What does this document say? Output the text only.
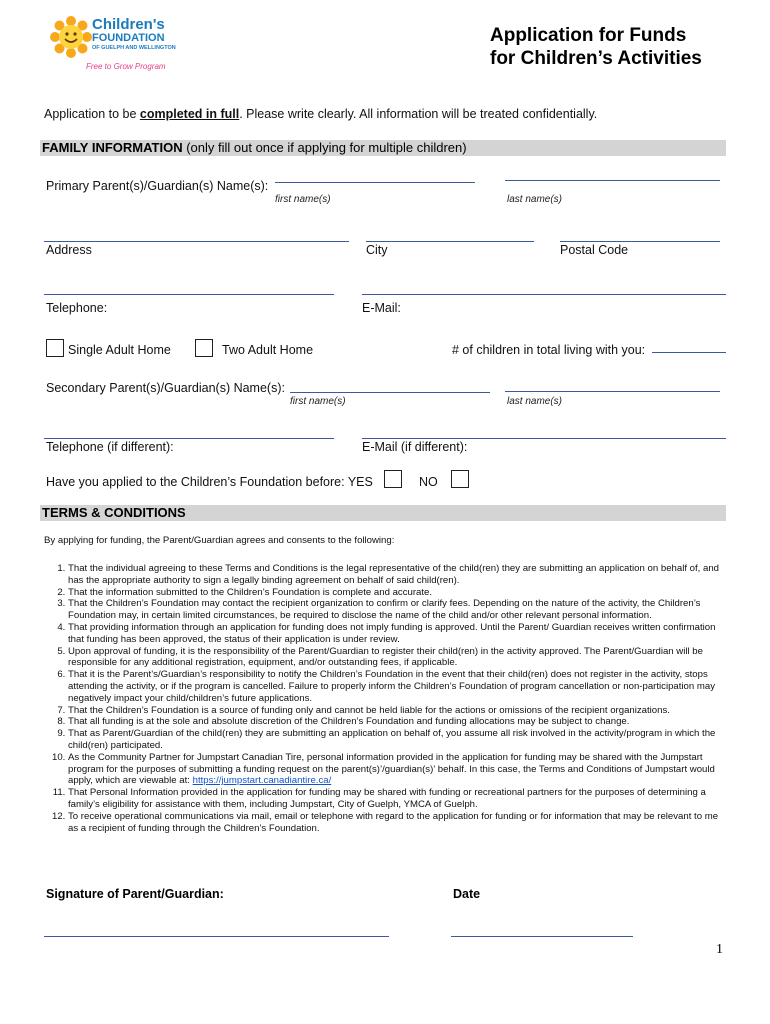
Children's
FOUNDATION
OF GUELPH AND WELLINGTON
Free to Grow Program
Application for Funds
for Children’s Activities
Application to be completed in full. Please write clearly. All information will be treated confidentially.
FAMILY INFORMATION (only fill out once if applying for multiple children)
Primary Parent(s)/Guardian(s) Name(s):
first name(s)	last name(s)
Address	City	Postal Code
Telephone:	E-Mail:
Single Adult Home	Two Adult Home	# of children in total living with you:
Secondary Parent(s)/Guardian(s) Name(s):
first name(s)	last name(s)
Telephone (if different):	E-Mail (if different):
Have you applied to the Children’s Foundation before: YES	NO
TERMS & CONDITIONS
By applying for funding, the Parent/Guardian agrees and consents to the following:
1. That the individual agreeing to these Terms and Conditions is the legal representative of the child(ren) they are submitting an application on behalf of, and has the appropriate authority to sign a legally binding agreement on behalf of said child(ren).
2. That the information submitted to the Children’s Foundation is complete and accurate.
3. That the Children’s Foundation may contact the recipient organization to confirm or clarify fees. Depending on the nature of the activity, the Children’s Foundation may, in certain limited circumstances, be required to disclose the name of the child and/or other relevant personal information.
4. That providing information through an application for funding does not imply funding is approved. Until the Parent/ Guardian receives written confirmation that funding has been approved, the status of their application is under review.
5. Upon approval of funding, it is the responsibility of the Parent/Guardian to register their child(ren) in the activity approved. The Parent/Guardian will be responsible for any additional registration, equipment, and/or outstanding fees, if applicable.
6. That it is the Parent’s/Guardian’s responsibility to notify the Children’s Foundation in the event that their child(ren) does not register in the activity, stops attending the activity, or if the program is cancelled. Failure to properly inform the Children’s Foundation of program cancellation or non-participation may negatively impact your child/children’s future applications.
7. That the Children’s Foundation is a source of funding only and cannot be held liable for the actions or omissions of the recipient organizations.
8. That all funding is at the sole and absolute discretion of the Children’s Foundation and funding allocations may be subject to change.
9. That as Parent/Guardian of the child(ren) they are submitting an application on behalf of, you assume all risk involved in the activity/program in which the child(ren) participated.
10. As the Community Partner for Jumpstart Canadian Tire, personal information provided in the application for funding may be shared with the Jumpstart program for the purposes of submitting a funding request on the parent(s)’/guardian(s)’ behalf. In this case, the Terms and Conditions of Jumpstart would apply, which are viewable at: https://jumpstart.canadiantire.ca/
11. That Personal Information provided in the application for funding may be shared with funding or recreational partners for the purposes of determining a family’s eligibility for assistance with them, including Jumpstart, City of Guelph, YMCA of Guelph.
12. To receive operational communications via mail, email or telephone with regard to the application for funding or for information that may be relevant to me as a recipient of funding through the Children’s Foundation.
Signature of Parent/Guardian:	Date
1
